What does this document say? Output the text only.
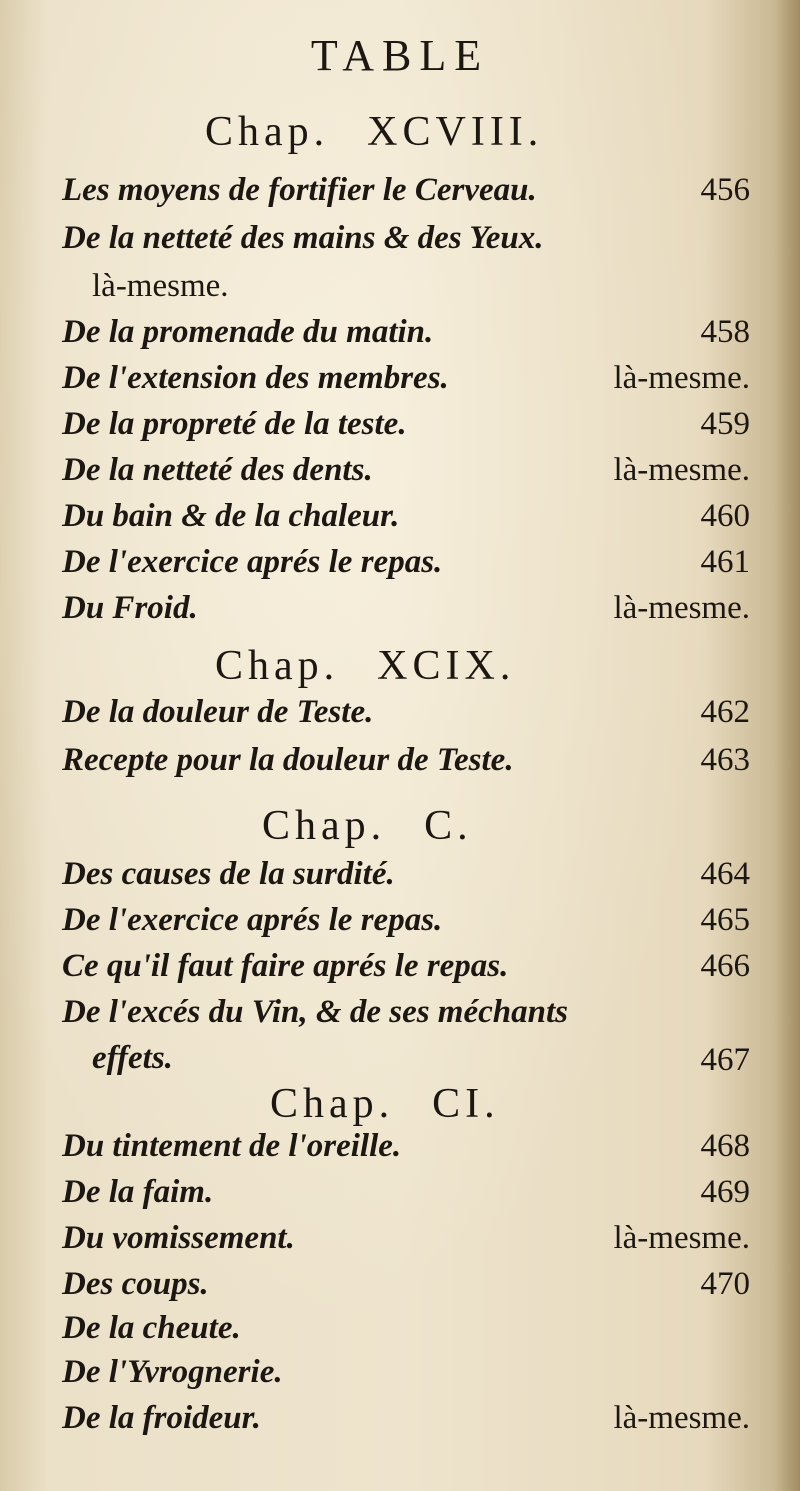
TABLE
Chap. XCVIII.
Les moyens de fortifier le Cerveau.	456
De la netteté des mains & des Yeux.
là-mesme.
De la promenade du matin.	458
De l'extension des membres.	là-mesme.
De la propreté de la teste.	459
De la netteté des dents.	là-mesme.
Du bain & de la chaleur.	460
De l'exercice aprés le repas.	461
Du Froid.	là-mesme.
Chap. XCIX.
De la douleur de Teste.	462
Recepte pour la douleur de Teste.	463
Chap. C.
Des causes de la surdité.	464
De l'exercice aprés le repas.	465
Ce qu'il faut faire aprés le repas.	466
De l'excés du Vin, & de ses méchants
effets.	467
Chap. CI.
Du tintement de l'oreille.	468
De la faim.	469
Du vomissement.	là-mesme.
Des coups.	470
De la cheute.
De l'Yvrognerie.
De la froideur.	là-mesme.
